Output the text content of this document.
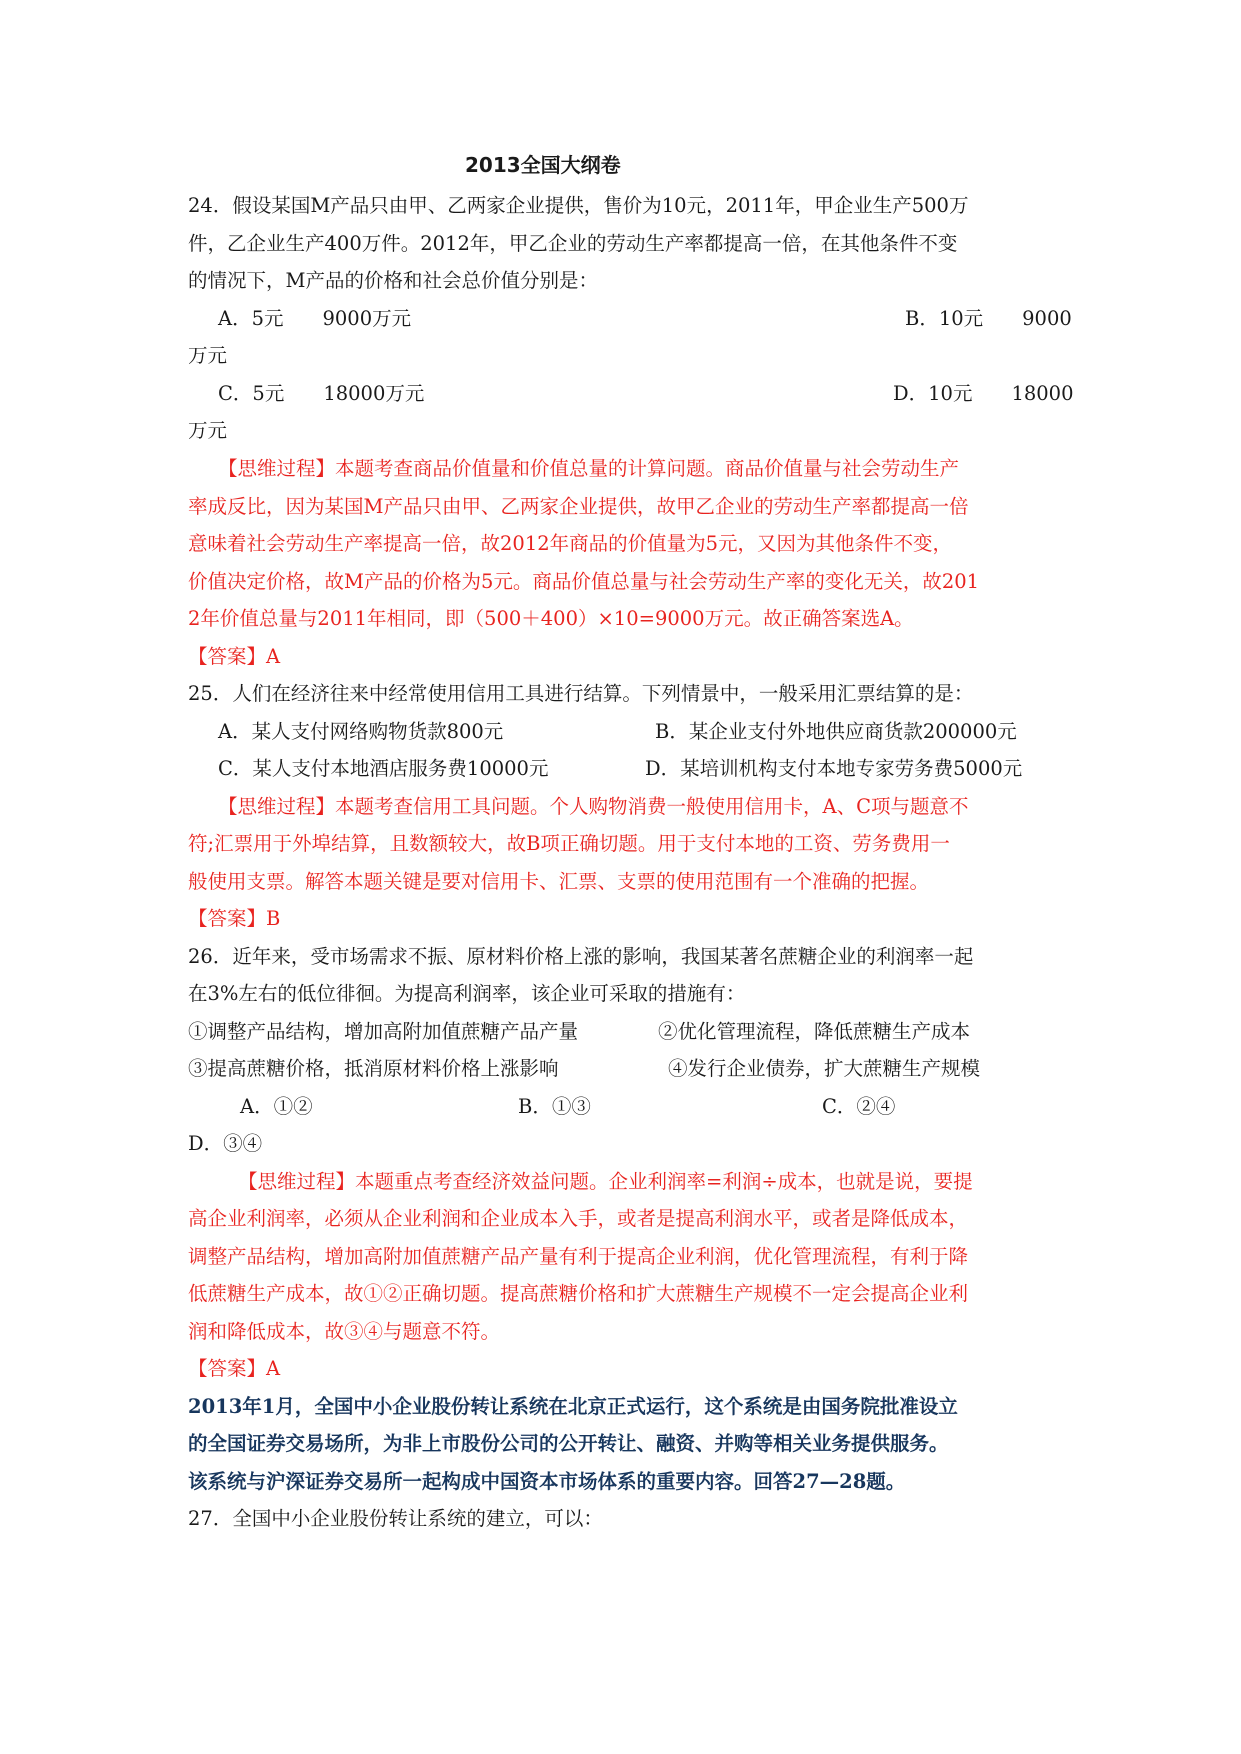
2013全国大纲卷
24．假设某国M产品只由甲、乙两家企业提供，售价为10元，2011年，甲企业生产500万
件，乙企业生产400万件。2012年，甲乙企业的劳动生产率都提高一倍，在其他条件不变
的情况下，M产品的价格和社会总价值分别是：
A．5元　　9000万元	B．10元　　9000
万元
C．5元　　18000万元	D．10元　　18000
万元
【思维过程】本题考查商品价值量和价值总量的计算问题。商品价值量与社会劳动生产
率成反比，因为某国M产品只由甲、乙两家企业提供，故甲乙企业的劳动生产率都提高一倍
意味着社会劳动生产率提高一倍，故2012年商品的价值量为5元，又因为其他条件不变，
价值决定价格，故M产品的价格为5元。商品价值总量与社会劳动生产率的变化无关，故201
2年价值总量与2011年相同，即（500＋400）×10=9000万元。故正确答案选A。
【答案】A
25．人们在经济往来中经常使用信用工具进行结算。下列情景中，一般采用汇票结算的是：
A．某人支付网络购物货款800元	B．某企业支付外地供应商货款200000元
C．某人支付本地酒店服务费10000元	D．某培训机构支付本地专家劳务费5000元
【思维过程】本题考查信用工具问题。个人购物消费一般使用信用卡，A、C项与题意不
符;汇票用于外埠结算，且数额较大，故B项正确切题。用于支付本地的工资、劳务费用一
般使用支票。解答本题关键是要对信用卡、汇票、支票的使用范围有一个准确的把握。
【答案】B
26．近年来，受市场需求不振、原材料价格上涨的影响，我国某著名蔗糖企业的利润率一起
在3%左右的低位徘徊。为提高利润率，该企业可采取的措施有：
①调整产品结构，增加高附加值蔗糖产品产量	②优化管理流程，降低蔗糖生产成本
③提高蔗糖价格，抵消原材料价格上涨影响	④发行企业债券，扩大蔗糖生产规模
A．①②	B．①③	C．②④
D．③④
【思维过程】本题重点考查经济效益问题。企业利润率=利润÷成本，也就是说，要提
高企业利润率，必须从企业利润和企业成本入手，或者是提高利润水平，或者是降低成本，
调整产品结构，增加高附加值蔗糖产品产量有利于提高企业利润，优化管理流程，有利于降
低蔗糖生产成本，故①②正确切题。提高蔗糖价格和扩大蔗糖生产规模不一定会提高企业利
润和降低成本，故③④与题意不符。
【答案】A
2013年1月，全国中小企业股份转让系统在北京正式运行，这个系统是由国务院批准设立
的全国证券交易场所，为非上市股份公司的公开转让、融资、并购等相关业务提供服务。
该系统与沪深证券交易所一起构成中国资本市场体系的重要内容。回答27—28题。
27．全国中小企业股份转让系统的建立，可以：
